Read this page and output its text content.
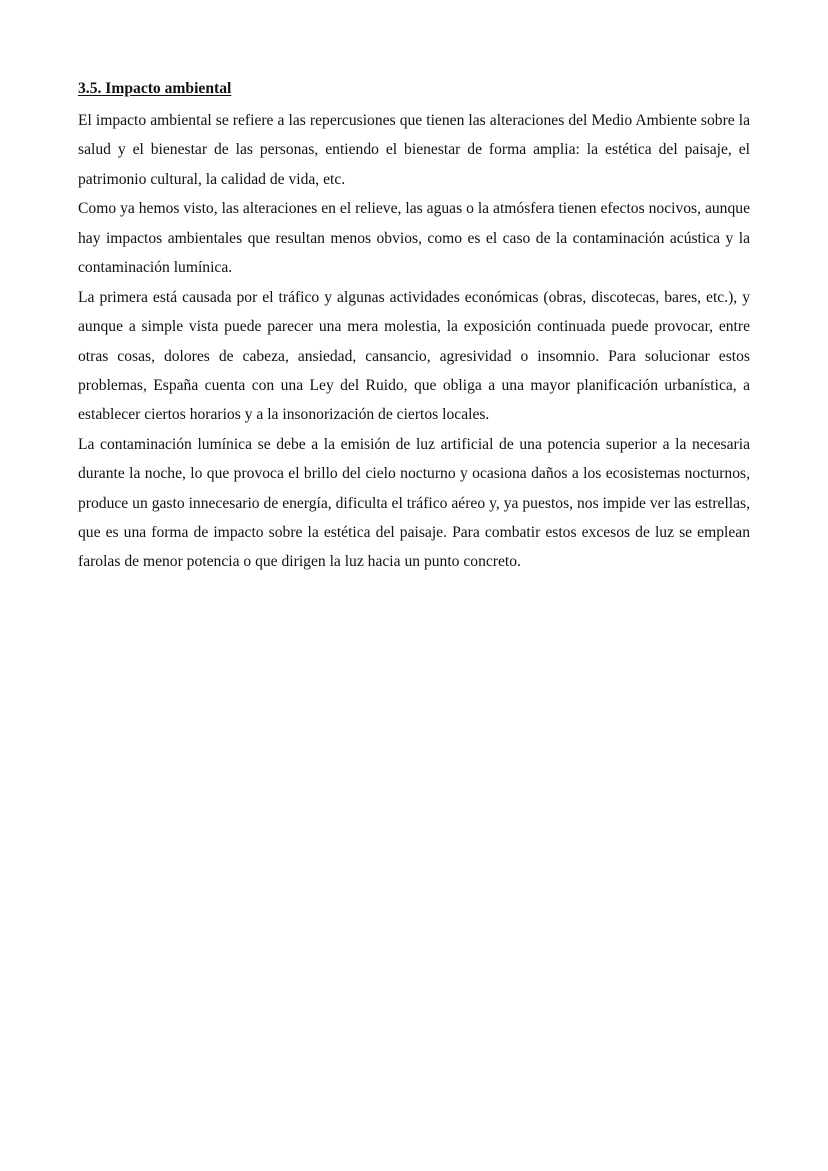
3.5. Impacto ambiental

El impacto ambiental se refiere a las repercusiones que tienen las alteraciones del Medio Ambiente sobre la salud y el bienestar de las personas, entiendo el bienestar de forma amplia: la estética del paisaje, el patrimonio cultural, la calidad de vida, etc.

Como ya hemos visto, las alteraciones en el relieve, las aguas o la atmósfera tienen efectos nocivos, aunque hay impactos ambientales que resultan menos obvios, como es el caso de la contaminación acústica y la contaminación lumínica.

La primera está causada por el tráfico y algunas actividades económicas (obras, discotecas, bares, etc.), y aunque a simple vista puede parecer una mera molestia, la exposición continuada puede provocar, entre otras cosas, dolores de cabeza, ansiedad, cansancio, agresividad o insomnio. Para solucionar estos problemas, España cuenta con una Ley del Ruido, que obliga a una mayor planificación urbanística, a establecer ciertos horarios y a la insonorización de ciertos locales.

La contaminación lumínica se debe a la emisión de luz artificial de una potencia superior a la necesaria durante la noche, lo que provoca el brillo del cielo nocturno y ocasiona daños a los ecosistemas nocturnos, produce un gasto innecesario de energía, dificulta el tráfico aéreo y, ya puestos, nos impide ver las estrellas, que es una forma de impacto sobre la estética del paisaje. Para combatir estos excesos de luz se emplean farolas de menor potencia o que dirigen la luz hacia un punto concreto.
